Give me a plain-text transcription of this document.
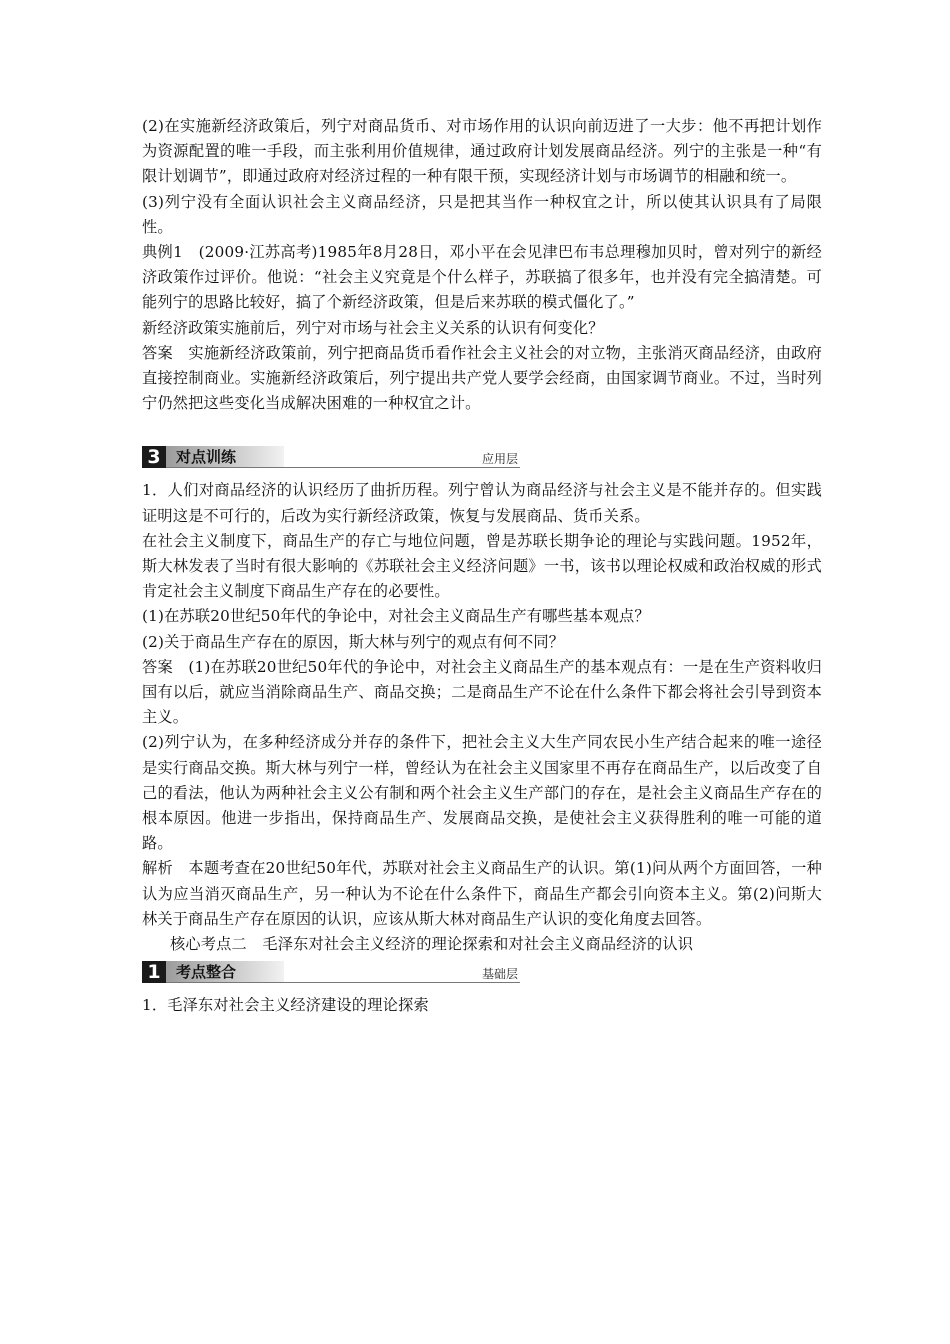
(2)在实施新经济政策后，列宁对商品货币、对市场作用的认识向前迈进了一大步：他不再把计划作为资源配置的唯一手段，而主张利用价值规律，通过政府计划发展商品经济。列宁的主张是一种“有限计划调节”，即通过政府对经济过程的一种有限干预，实现经济计划与市场调节的相融和统一。

(3)列宁没有全面认识社会主义商品经济，只是把其当作一种权宜之计，所以使其认识具有了局限性。

典例1　(2009·江苏高考)1985年8月28日，邓小平在会见津巴布韦总理穆加贝时，曾对列宁的新经济政策作过评价。他说：“社会主义究竟是个什么样子，苏联搞了很多年，也并没有完全搞清楚。可能列宁的思路比较好，搞了个新经济政策，但是后来苏联的模式僵化了。”

新经济政策实施前后，列宁对市场与社会主义关系的认识有何变化？

答案　实施新经济政策前，列宁把商品货币看作社会主义社会的对立物，主张消灭商品经济，由政府直接控制商业。实施新经济政策后，列宁提出共产党人要学会经商，由国家调节商业。不过，当时列宁仍然把这些变化当成解决困难的一种权宜之计。

3	对点训练	应用层

1．人们对商品经济的认识经历了曲折历程。列宁曾认为商品经济与社会主义是不能并存的。但实践证明这是不可行的，后改为实行新经济政策，恢复与发展商品、货币关系。

在社会主义制度下，商品生产的存亡与地位问题，曾是苏联长期争论的理论与实践问题。1952年，斯大林发表了当时有很大影响的《苏联社会主义经济问题》一书，该书以理论权威和政治权威的形式肯定社会主义制度下商品生产存在的必要性。

(1)在苏联20世纪50年代的争论中，对社会主义商品生产有哪些基本观点？

(2)关于商品生产存在的原因，斯大林与列宁的观点有何不同？

答案　(1)在苏联20世纪50年代的争论中，对社会主义商品生产的基本观点有：一是在生产资料收归国有以后，就应当消除商品生产、商品交换；二是商品生产不论在什么条件下都会将社会引导到资本主义。

(2)列宁认为，在多种经济成分并存的条件下，把社会主义大生产同农民小生产结合起来的唯一途径是实行商品交换。斯大林与列宁一样，曾经认为在社会主义国家里不再存在商品生产，以后改变了自己的看法，他认为两种社会主义公有制和两个社会主义生产部门的存在，是社会主义商品生产存在的根本原因。他进一步指出，保持商品生产、发展商品交换，是使社会主义获得胜利的唯一可能的道路。

解析　本题考查在20世纪50年代，苏联对社会主义商品生产的认识。第(1)问从两个方面回答，一种认为应当消灭商品生产，另一种认为不论在什么条件下，商品生产都会引向资本主义。第(2)问斯大林关于商品生产存在原因的认识，应该从斯大林对商品生产认识的变化角度去回答。

核心考点二　毛泽东对社会主义经济的理论探索和对社会主义商品经济的认识

1	考点整合	基础层

1．毛泽东对社会主义经济建设的理论探索
